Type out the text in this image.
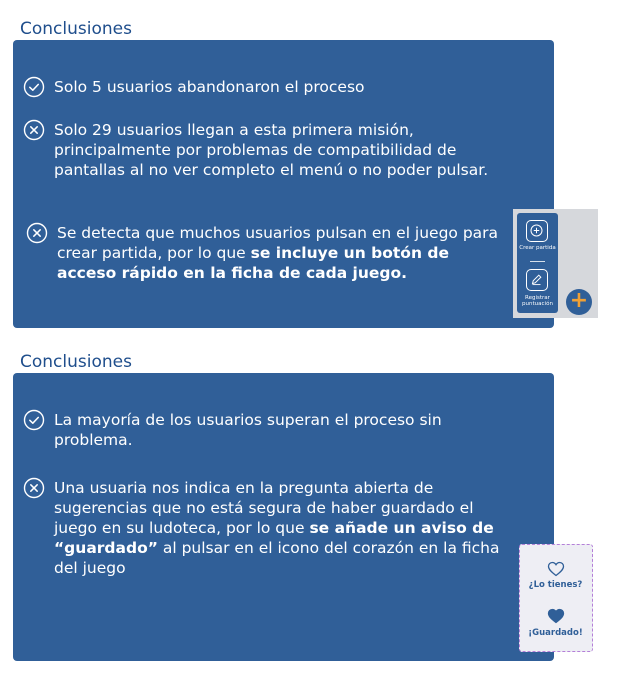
Conclusiones
Solo 5 usuarios abandonaron el proceso
Solo 29 usuarios llegan a esta primera misión, principalmente por problemas de compatibilidad de pantallas al no ver completo el menú o no poder pulsar.
Se detecta que muchos usuarios pulsan en el juego para crear partida, por lo que se incluye un botón de acceso rápido en la ficha de cada juego.
Crear partida
Registrar puntuación +
Conclusiones
La mayoría de los usuarios superan el proceso sin problema.
Una usuaria nos indica en la pregunta abierta de sugerencias que no está segura de haber guardado el juego en su ludoteca, por lo que se añade un aviso de “guardado” al pulsar en el icono del corazón en la ficha del juego
¿Lo tienes?
¡Guardado!
